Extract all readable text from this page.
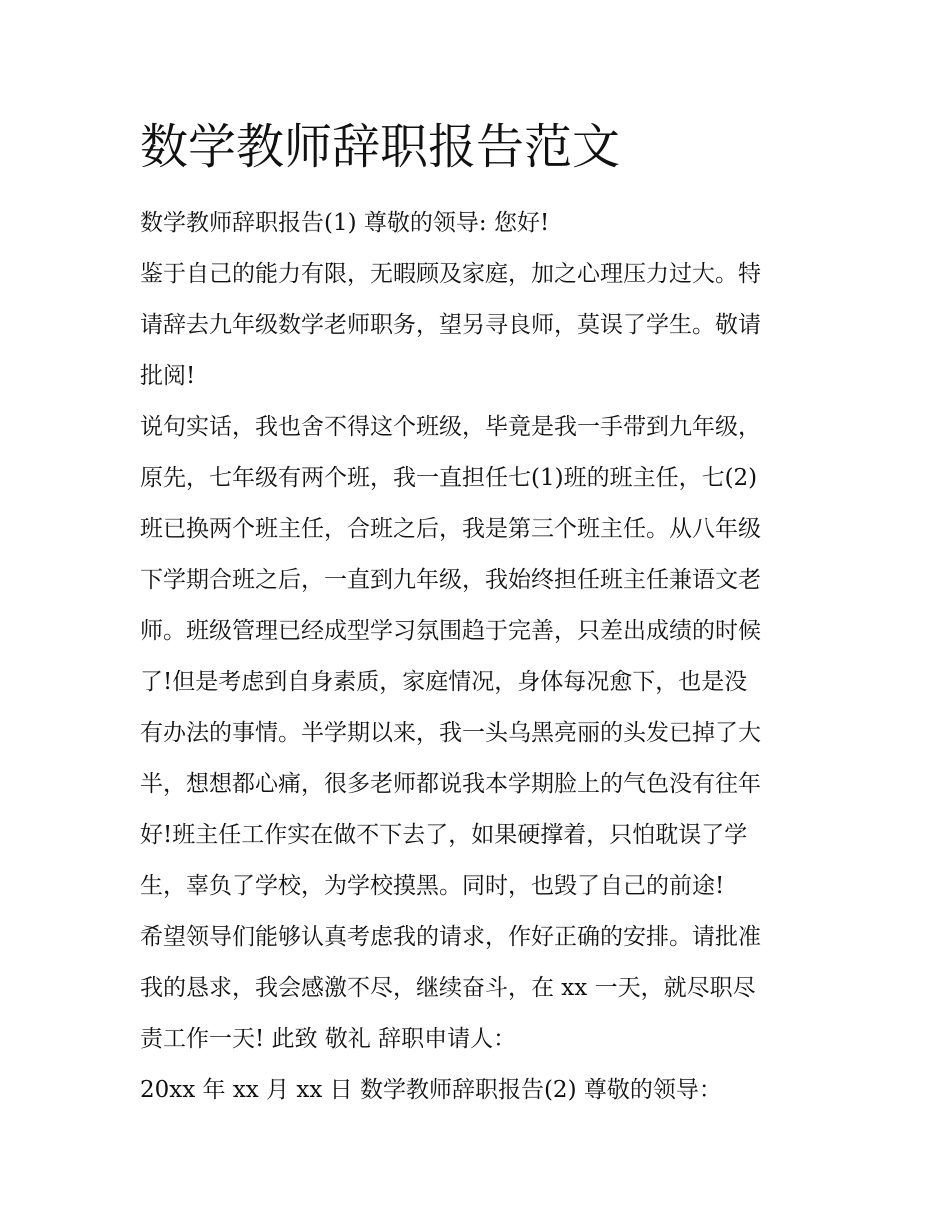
数学教师辞职报告范文
数学教师辞职报告(1) 尊敬的领导: 您好!
鉴于自己的能力有限，无暇顾及家庭，加之心理压力过大。特
请辞去九年级数学老师职务，望另寻良师，莫误了学生。敬请
批阅!
说句实话，我也舍不得这个班级，毕竟是我一手带到九年级，
原先，七年级有两个班，我一直担任七(1)班的班主任，七(2)
班已换两个班主任，合班之后，我是第三个班主任。从八年级
下学期合班之后，一直到九年级，我始终担任班主任兼语文老
师。班级管理已经成型学习氛围趋于完善，只差出成绩的时候
了!但是考虑到自身素质，家庭情况，身体每况愈下，也是没
有办法的事情。半学期以来，我一头乌黑亮丽的头发已掉了大
半，想想都心痛，很多老师都说我本学期脸上的气色没有往年
好!班主任工作实在做不下去了，如果硬撑着，只怕耽误了学
生，辜负了学校，为学校摸黑。同时，也毁了自己的前途!
希望领导们能够认真考虑我的请求，作好正确的安排。请批准
我的恳求，我会感激不尽，继续奋斗，在 xx 一天，就尽职尽
责工作一天! 此致 敬礼 辞职申请人：
20xx 年 xx 月 xx 日 数学教师辞职报告(2) 尊敬的领导：
